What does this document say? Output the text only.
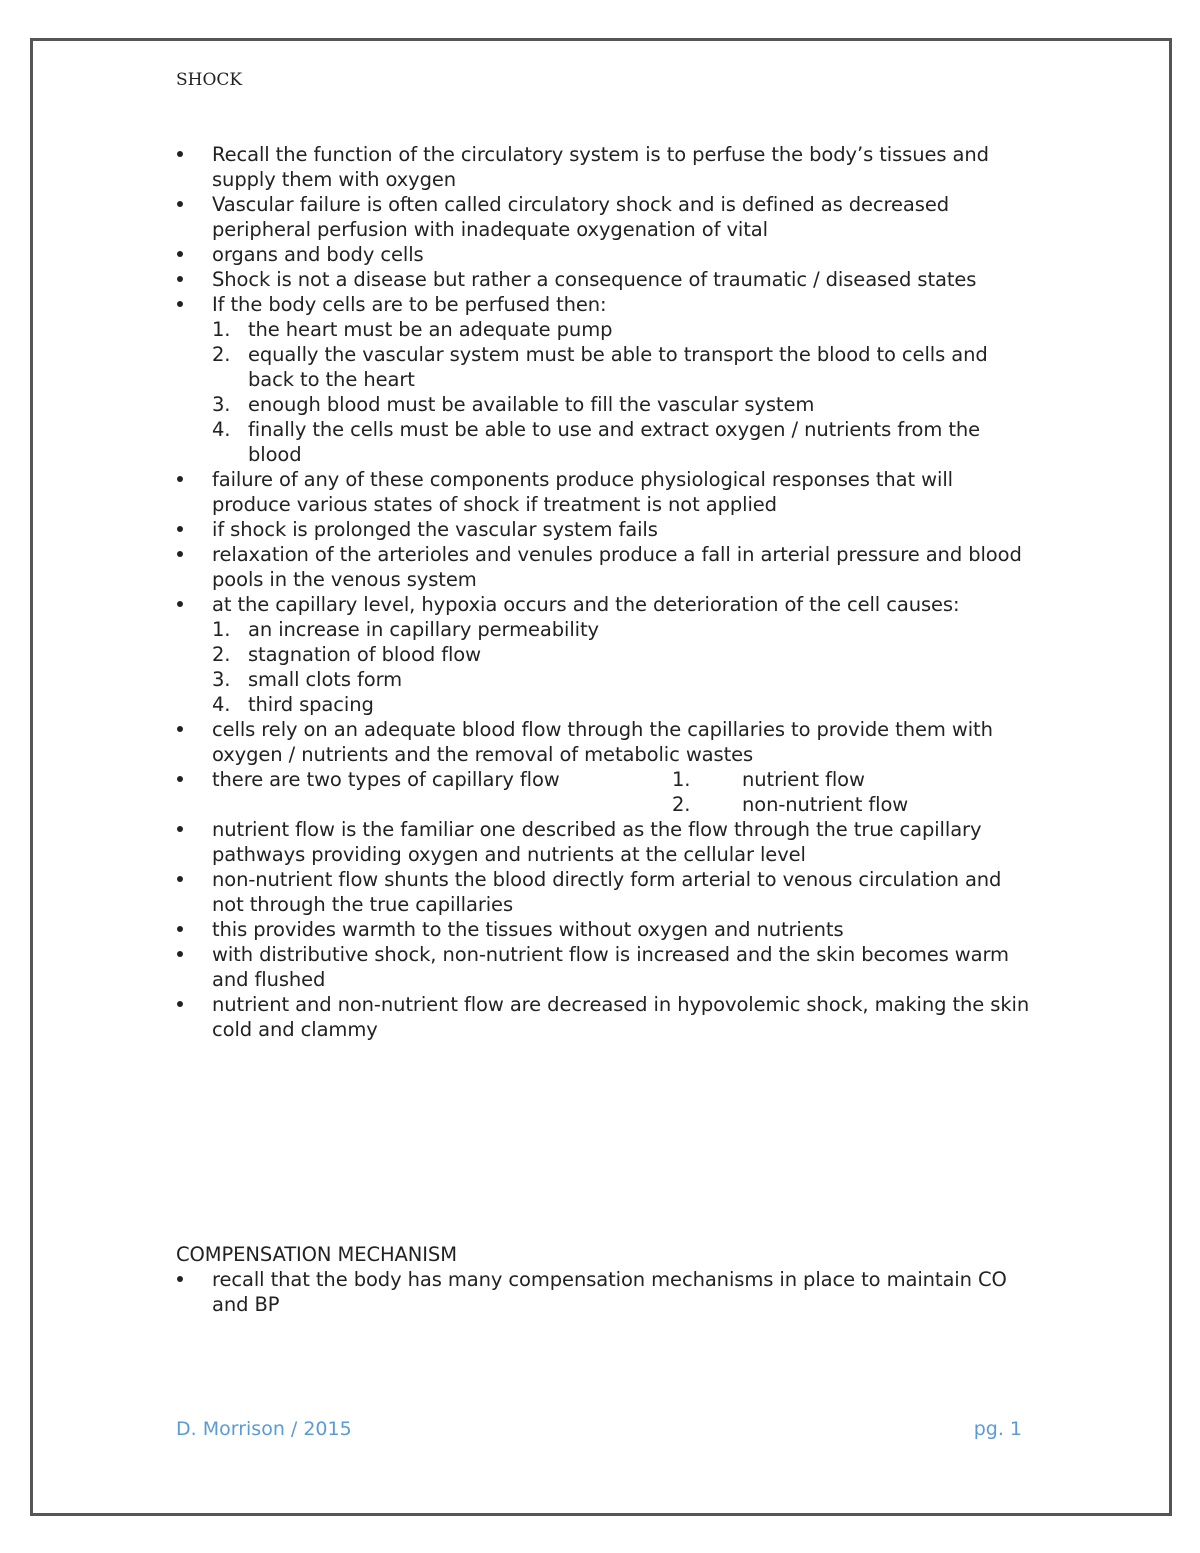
SHOCK
Recall the function of the circulatory system is to perfuse the body’s tissues and supply them with oxygen
Vascular failure is often called circulatory shock and is defined as decreased peripheral perfusion with inadequate oxygenation of vital
organs and body cells
Shock is not a disease but rather a consequence of traumatic / diseased states
If the body cells are to be perfused then:
1. the heart must be an adequate pump
2. equally the vascular system must be able to transport the blood to cells and back to the heart
3. enough blood must be available to fill the vascular system
4. finally the cells must be able to use and extract oxygen / nutrients from the blood
failure of any of these components produce physiological responses that will produce various states of shock if treatment is not applied
if shock is prolonged the vascular system fails
relaxation of the arterioles and venules produce a fall in arterial pressure and blood pools in the venous system
at the capillary level, hypoxia occurs and the deterioration of the cell causes:
1. an increase in capillary permeability
2. stagnation of blood flow
3. small clots form
4. third spacing
cells rely on an adequate blood flow through the capillaries to provide them with oxygen / nutrients and the removal of metabolic wastes
there are two types of capillary flow	1.	nutrient flow
2.	non-nutrient flow
nutrient flow is the familiar one described as the flow through the true capillary pathways providing oxygen and nutrients at the cellular level
non-nutrient flow shunts the blood directly form arterial to venous circulation and not through the true capillaries
this provides warmth to the tissues without oxygen and nutrients
with distributive shock, non-nutrient flow is increased and the skin becomes warm and flushed
nutrient and non-nutrient flow are decreased in hypovolemic shock, making the skin cold and clammy
COMPENSATION MECHANISM
recall that the body has many compensation mechanisms in place to maintain CO and BP
D. Morrison / 2015	pg. 1
